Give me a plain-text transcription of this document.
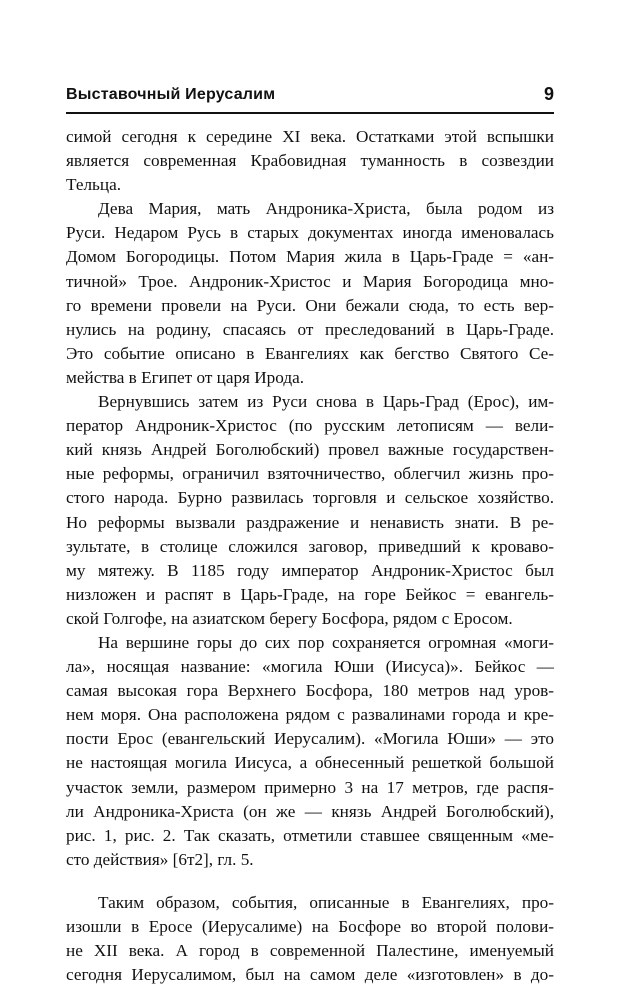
Выставочный Иерусалим	9
симой сегодня к середине XI века. Остатками этой вспышки
является современная Крабовидная туманность в созвездии
Тельца.
Дева Мария, мать Андроника-Христа, была родом из
Руси. Недаром Русь в старых документах иногда именовалась
Домом Богородицы. Потом Мария жила в Царь-Граде = «ан-
тичной» Трое. Андроник-Христос и Мария Богородица мно-
го времени провели на Руси. Они бежали сюда, то есть вер-
нулись на родину, спасаясь от преследований в Царь-Граде.
Это событие описано в Евангелиях как бегство Святого Се-
мейства в Египет от царя Ирода.
Вернувшись затем из Руси снова в Царь-Град (Ерос), им-
ператор Андроник-Христос (по русским летописям — вели-
кий князь Андрей Боголюбский) провел важные государствен-
ные реформы, ограничил взяточничество, облегчил жизнь про-
стого народа. Бурно развилась торговля и сельское хозяйство.
Но реформы вызвали раздражение и ненависть знати. В ре-
зультате, в столице сложился заговор, приведший к кроваво-
му мятежу. В 1185 году император Андроник-Христос был
низложен и распят в Царь-Граде, на горе Бейкос = евангель-
ской Голгофе, на азиатском берегу Босфора, рядом с Еросом.
На вершине горы до сих пор сохраняется огромная «моги-
ла», носящая название: «могила Юши (Иисуса)». Бейкос —
самая высокая гора Верхнего Босфора, 180 метров над уров-
нем моря. Она расположена рядом с развалинами города и кре-
пости Ерос (евангельский Иерусалим). «Могила Юши» — это
не настоящая могила Иисуса, а обнесенный решеткой большой
участок земли, размером примерно 3 на 17 метров, где распя-
ли Андроника-Христа (он же — князь Андрей Боголюбский),
рис. 1, рис. 2. Так сказать, отметили ставшее священным «ме-
сто действия» [6т2], гл. 5.
Таким образом, события, описанные в Евангелиях, про-
изошли в Еросе (Иерусалиме) на Босфоре во второй полови-
не XII века. А город в современной Палестине, именуемый
сегодня Иерусалимом, был на самом деле «изготовлен» в до-
